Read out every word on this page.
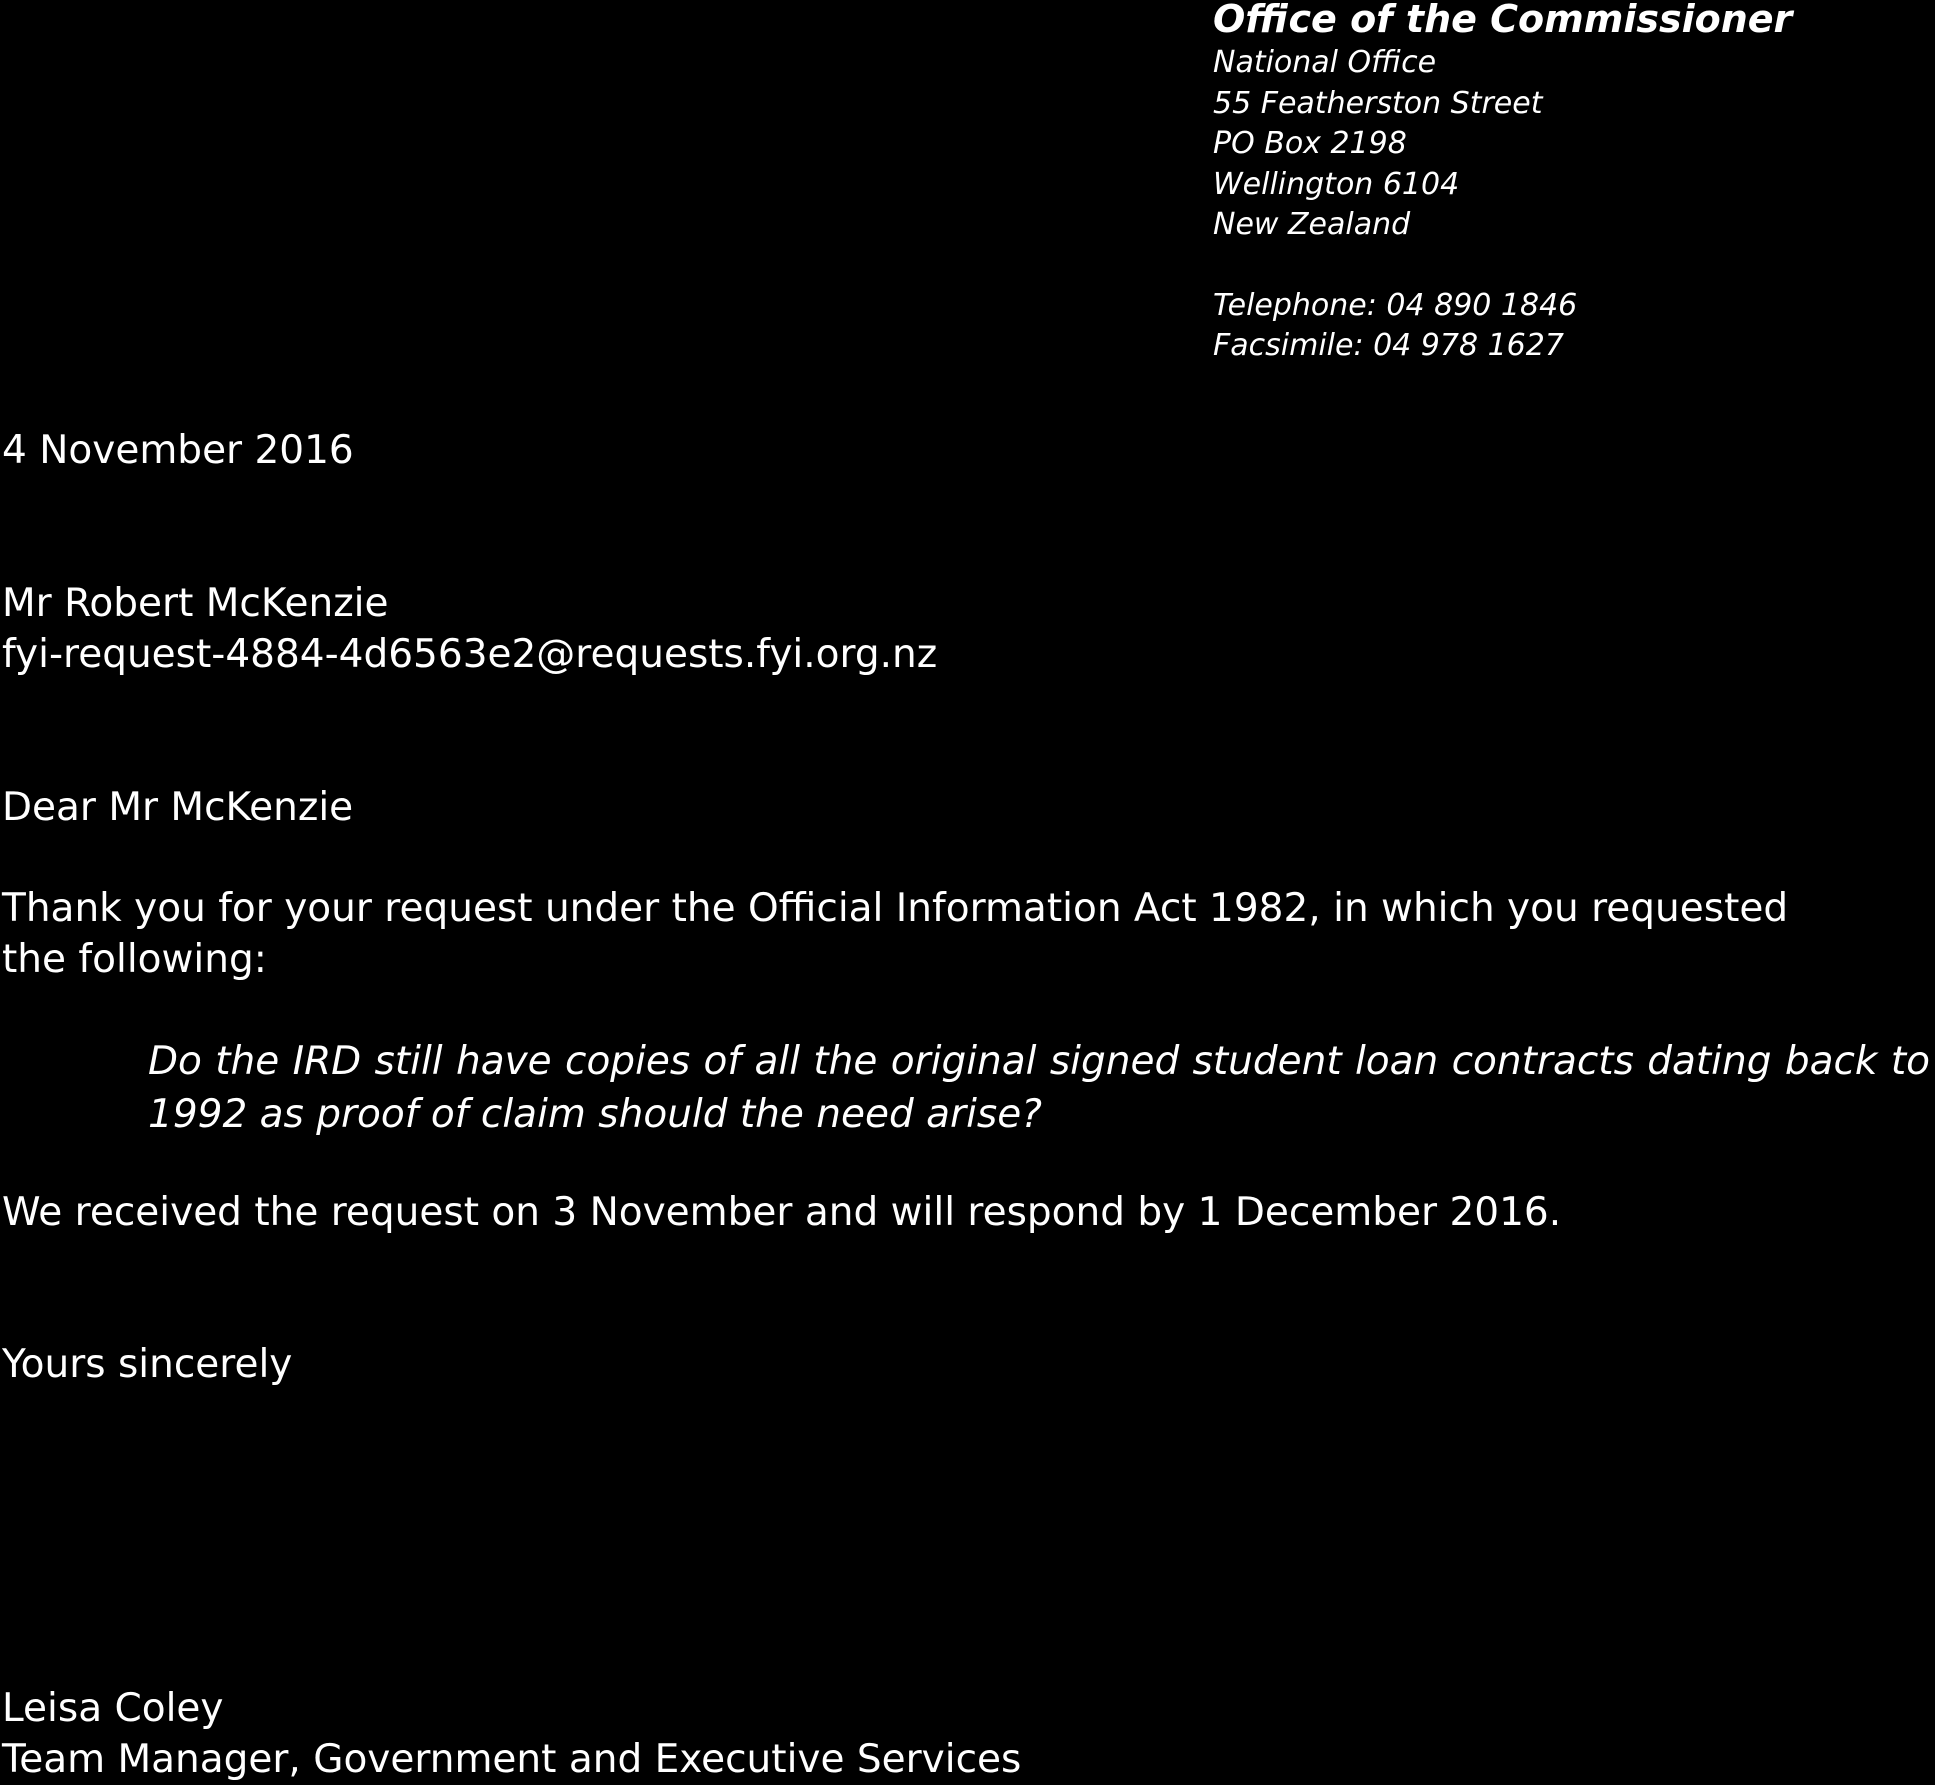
Office of the Commissioner
National Office
55 Featherston Street
PO Box 2198
Wellington 6104
New Zealand
Telephone: 04 890 1846
Facsimile: 04 978 1627
4 November 2016
Mr Robert McKenzie
fyi-request-4884-4d6563e2@requests.fyi.org.nz
Dear Mr McKenzie
Thank you for your request under the Official Information Act 1982, in which you requested
the following:
Do the IRD still have copies of all the original signed student loan contracts dating back to 1992 as proof of claim should the need arise?
We received the request on 3 November and will respond by 1 December 2016.
Yours sincerely
Leisa Coley
Team Manager, Government and Executive Services
